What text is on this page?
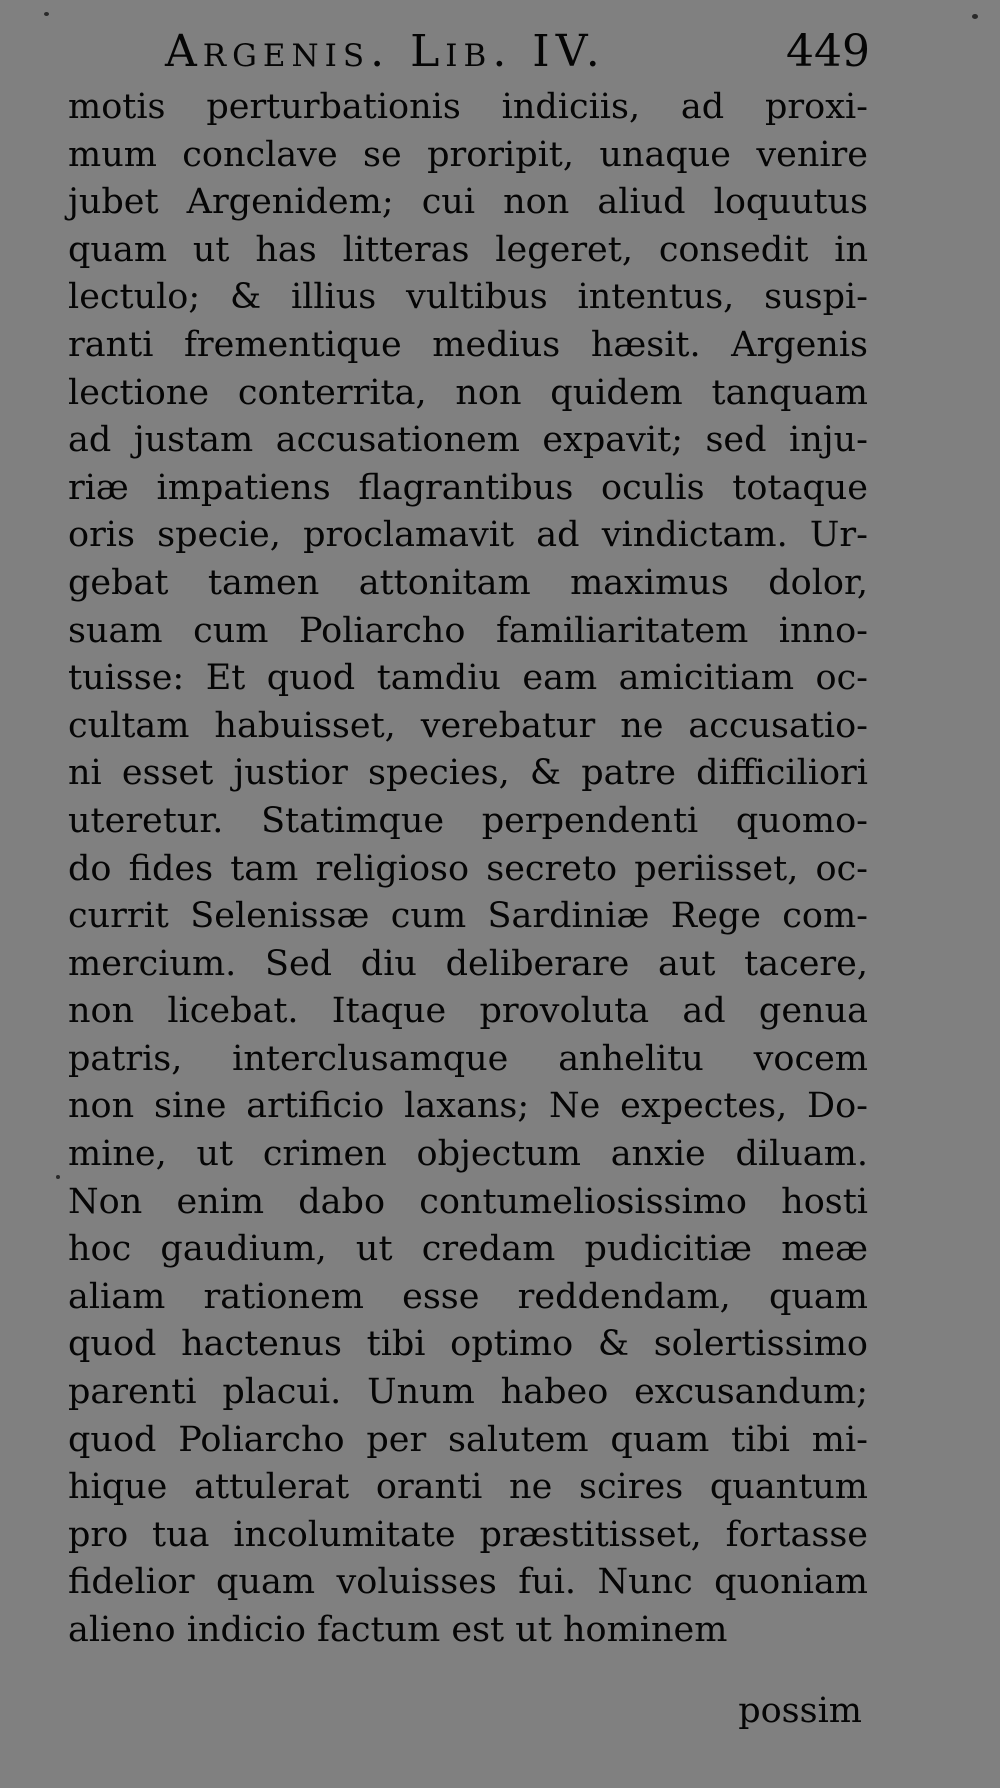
Argenis. Lib. IV.	449
motis perturbationis indiciis, ad proxi-
mum conclave se proripit, unaque venire
jubet Argenidem; cui non aliud loquutus
quam ut has litteras legeret, consedit in
lectulo; & illius vultibus intentus, suspi-
ranti frementique medius hæsit. Argenis
lectione conterrita, non quidem tanquam
ad justam accusationem expavit; sed inju-
riæ impatiens flagrantibus oculis totaque
oris specie, proclamavit ad vindictam. Ur-
gebat tamen attonitam maximus dolor,
suam cum Poliarcho familiaritatem inno-
tuisse: Et quod tamdiu eam amicitiam oc-
cultam habuisset, verebatur ne accusatio-
ni esset justior species, & patre difficiliori
uteretur. Statimque perpendenti quomo-
do fides tam religioso secreto periisset, oc-
currit Selenissæ cum Sardiniæ Rege com-
mercium. Sed diu deliberare aut tacere,
non licebat. Itaque provoluta ad genua
patris, interclusamque anhelitu vocem
non sine artificio laxans; Ne expectes, Do-
mine, ut crimen objectum anxie diluam.
Non enim dabo contumeliosissimo hosti
hoc gaudium, ut credam pudicitiæ meæ
aliam rationem esse reddendam, quam
quod hactenus tibi optimo & solertissimo
parenti placui. Unum habeo excusandum;
quod Poliarcho per salutem quam tibi mi-
hique attulerat oranti ne scires quantum
pro tua incolumitate præstitisset, fortasse
fidelior quam voluisses fui. Nunc quoniam
alieno indicio factum est ut hominem
possim
